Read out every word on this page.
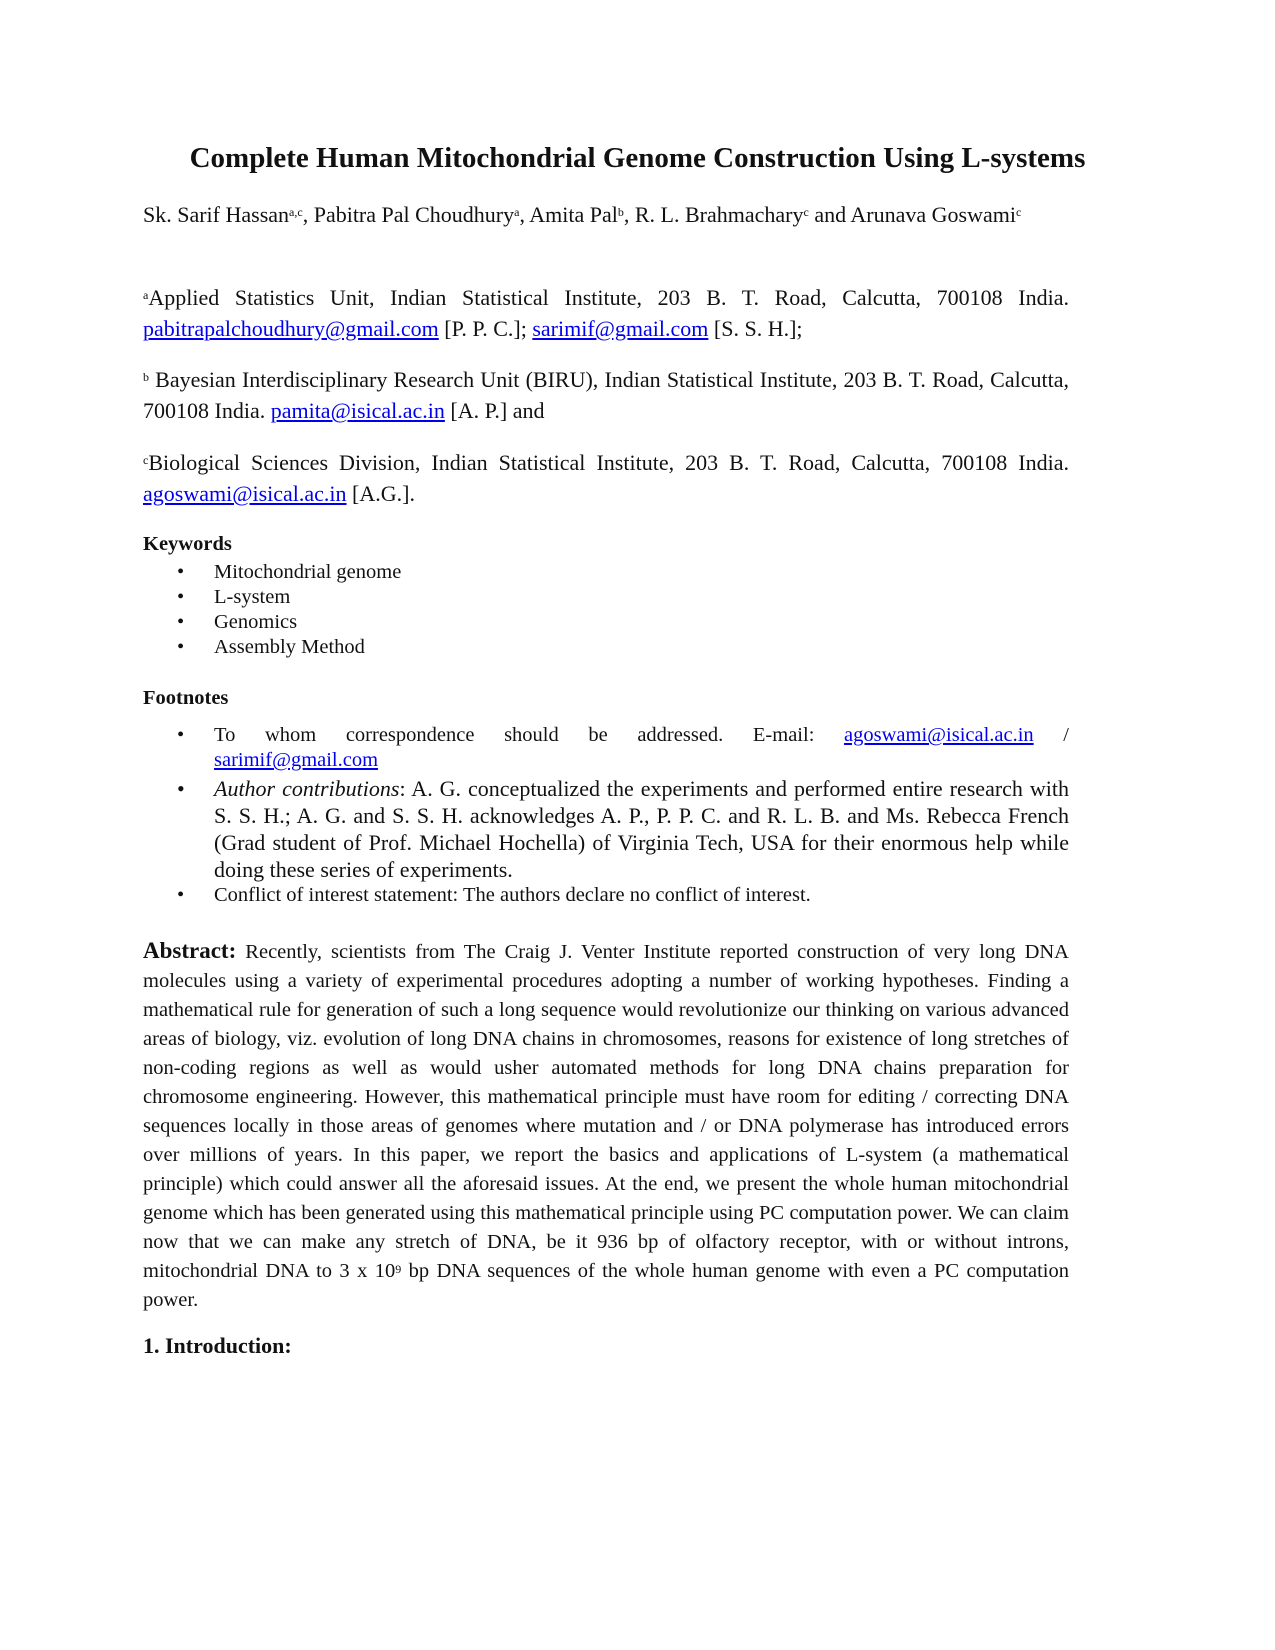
Complete Human Mitochondrial Genome Construction Using L-systems
Sk. Sarif Hassan$^{a,c}$, Pabitra Pal Choudhury$^a$, Amita Pal$^b$, R. L. Brahmachary$^c$ and Arunava Goswami$^c$
$^a$Applied Statistics Unit, Indian Statistical Institute, 203 B. T. Road, Calcutta, 700108 India. pabitrapalchoudhury@gmail.com [P. P. C.]; sarimif@gmail.com [S. S. H.];
$^b$ Bayesian Interdisciplinary Research Unit (BIRU), Indian Statistical Institute, 203 B. T. Road, Calcutta, 700108 India. pamita@isical.ac.in [A. P.] and
$^c$Biological Sciences Division, Indian Statistical Institute, 203 B. T. Road, Calcutta, 700108 India. agoswami@isical.ac.in [A.G.].
Keywords
• Mitochondrial genome
• L-system
• Genomics
• Assembly Method
Footnotes
• To whom correspondence should be addressed. E-mail: agoswami@isical.ac.in /
sarimif@gmail.com
• Author contributions: A. G. conceptualized the experiments and performed entire research with S. S. H.; A. G. and S. S. H. acknowledges A. P., P. P. C. and R. L. B. and Ms. Rebecca French (Grad student of Prof. Michael Hochella) of Virginia Tech, USA for their enormous help while doing these series of experiments.
• Conflict of interest statement: The authors declare no conflict of interest.
Abstract: Recently, scientists from The Craig J. Venter Institute reported construction of very long DNA molecules using a variety of experimental procedures adopting a number of working hypotheses. Finding a mathematical rule for generation of such a long sequence would revolutionize our thinking on various advanced areas of biology, viz. evolution of long DNA chains in chromosomes, reasons for existence of long stretches of non-coding regions as well as would usher automated methods for long DNA chains preparation for chromosome engineering. However, this mathematical principle must have room for editing / correcting DNA sequences locally in those areas of genomes where mutation and / or DNA polymerase has introduced errors over millions of years. In this paper, we report the basics and applications of L-system (a mathematical principle) which could answer all the aforesaid issues. At the end, we present the whole human mitochondrial genome which has been generated using this mathematical principle using PC computation power. We can claim now that we can make any stretch of DNA, be it 936 bp of olfactory receptor, with or without introns, mitochondrial DNA to 3 x $10^9$ bp DNA sequences of the whole human genome with even a PC computation power.
1. Introduction:
